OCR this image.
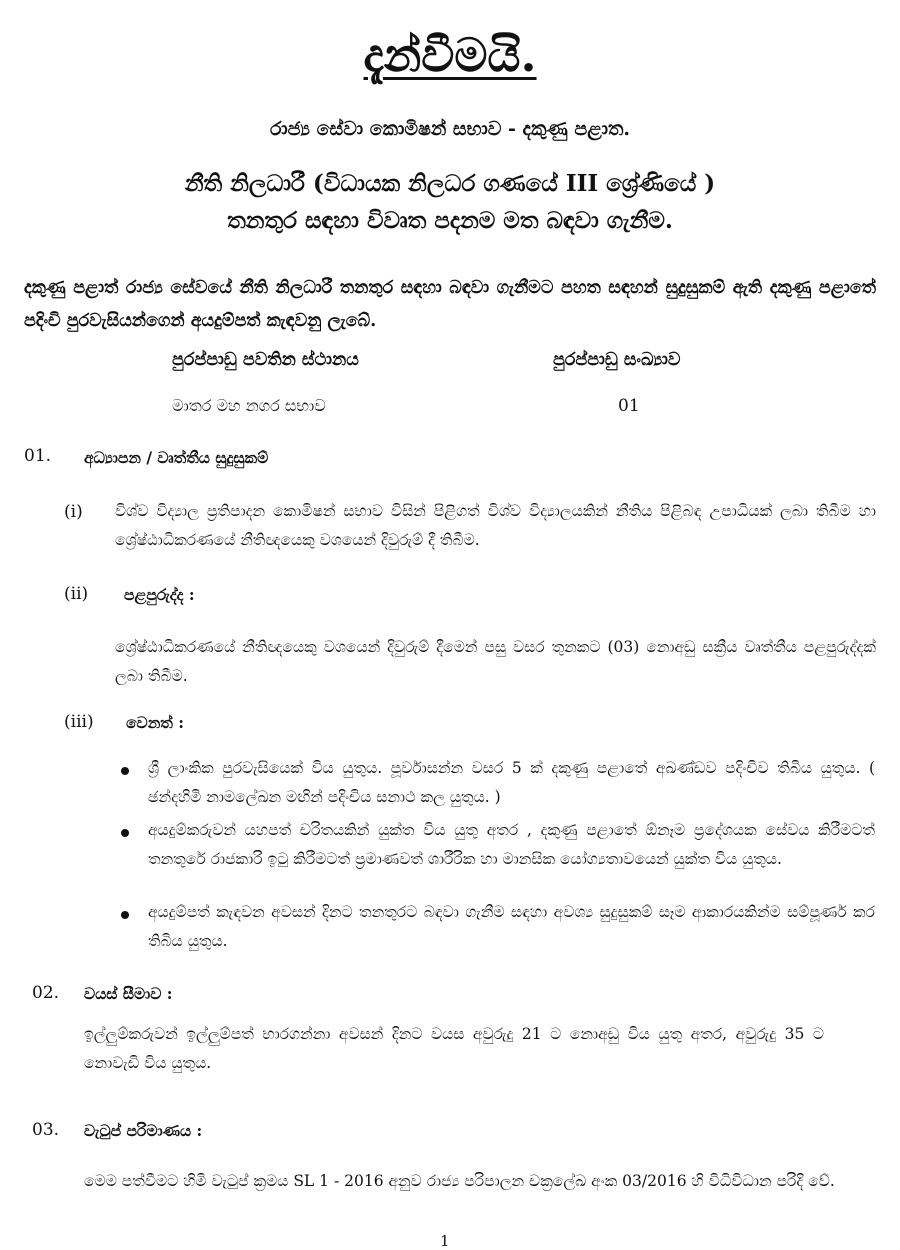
දැන්වීමයි.
රාජ්‍ය සේවා කොමිෂන් සභාව - දකුණු පළාත.
නීති නිලධාරී (විධායක නිලධර ගණයේ III ශ්‍රේණියේ )
තනතුර සඳහා විවෘත පදනම මත බඳවා ගැනීම.
දකුණු පළාත් රාජ්‍ය සේවයේ නීති නිලධාරී තනතුර සඳහා බඳවා ගැනීමට පහත සඳහන් සුදුසුකම් ඇති දකුණු පළාතේ පදිංචි පුරවැසියන්ගෙන් අයදුම්පත් කැඳවනු ලැබේ.
පුරප්පාඩු පවතින ස්ථානය	පුරප්පාඩු සංඛ්‍යාව
මාතර මහ නගර සභාව	01
01. අධ්‍යාපන / වෘත්තීය සුදුසුකම්
(i) විශ්ව විද්‍යාල ප්‍රතිපාදන කොමිෂන් සභාව විසින් පිළිගත් විශ්ව විද්‍යාලයකින් නීතිය පිළිබඳ උපාධියක් ලබා තිබීම හා ශ්‍රේෂ්ඨාධිකරණයේ නීතිඥයෙකු වශයෙන් දිවුරුම් දී තිබීම.
(ii) පළපුරුද්ද :
ශ්‍රේෂ්ඨාධිකරණයේ නීතිඥයෙකු වශයෙන් දිවුරුම් දීමෙන් පසු වසර තුනකට (03) නොඅඩු සක්‍රීය වෘත්තීය පළපුරුද්දක් ලබා තිබීම.
(iii) වෙනත් :
ශ්‍රී ලාංකික පුරවැසියෙක් විය යුතුය. පූර්වාසන්න වසර 5 ක් දකුණු පළාතේ අඛණ්ඩව පදිංචිව තිබිය යුතුය. ( ඡන්දහිමි නාමලේඛන මඟින් පදිංචිය සනාථ කල යුතුය. )
අයදුම්කරුවන් යහපත් චරිතයකින් යුක්ත විය යුතු අතර , දකුණු පළාතේ ඕනෑම ප්‍රදේශයක සේවය කිරීමටත් තනතුරේ රාජකාරි ඉටු කිරීමටත් ප්‍රමාණවත් ශාරීරික හා මානසික යෝග්‍යතාවයෙන් යුක්ත විය යුතුය.
අයදුම්පත් කැඳවන අවසන් දිනට තනතුරට බඳවා ගැනීම සඳහා අවශ්‍ය සුදුසුකම් සෑම ආකාරයකින්ම සම්පූර්ණ කර තිබිය යුතුය.
02. වයස් සීමාව :
ඉල්ලුම්කරුවන් ඉල්ලුම්පත් භාරගන්නා අවසන් දිනට වයස අවුරුදු 21 ට නොඅඩු විය යුතු අතර, අවුරුදු 35 ට නොවැඩි විය යුතුය.
03. වැටුප් පරිමාණය :
මෙම පත්වීමට හිමි වැටුප් ක්‍රමය SL 1 - 2016 අනුව රාජ්‍ය පරිපාලන චක්‍රලේඛ අංක 03/2016 හි විධිවිධාන පරිදි වේ.
1
